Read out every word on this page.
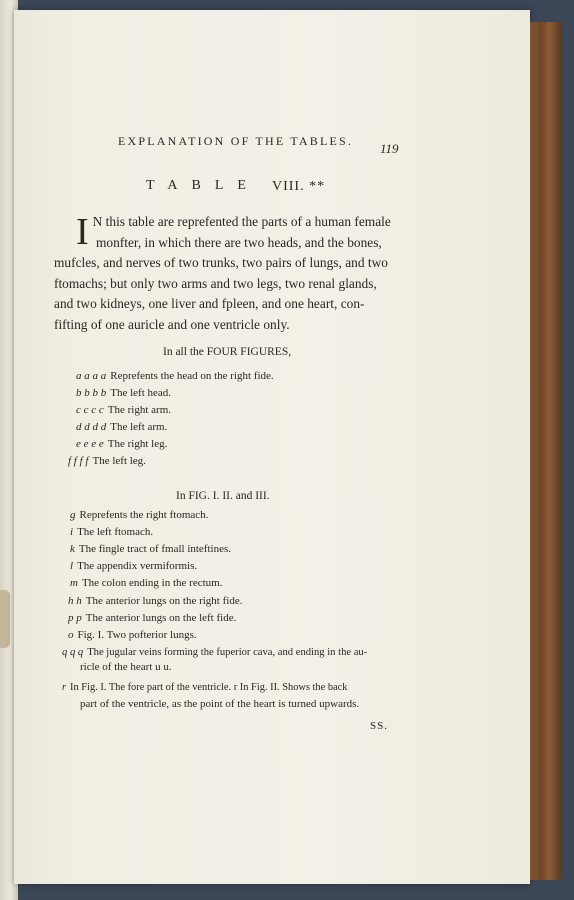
EXPLANATION OF THE TABLES. 119
TABLE VIII. **
I N this table are reprefented the parts of a human female
monfter, in which there are two heads, and the bones,
mufcles, and nerves of two trunks, two pairs of lungs, and two
ftomachs; but only two arms and two legs, two renal glands,
and two kidneys, one liver and fpleen, and one heart, con-
fifting of one auricle and one ventricle only.
In all the FOUR FIGURES,
a a a a Reprefents the head on the right fide.
b b b b The left head.
c c c c The right arm.
d d d d The left arm.
e e e e The right leg.
f f f f The left leg.
In FIG. I. II. and III.
g Reprefents the right ftomach.
i The left ftomach.
k The fingle tract of fmall inteftines.
l The appendix vermiformis.
m The colon ending in the rectum.
h h The anterior lungs on the right fide.
p p The anterior lungs on the left fide.
o Fig. I. Two pofterior lungs.
q q q The jugular veins forming the fuperior cava, and ending in the au-
ricle of the heart u u.
r In Fig. I. The fore part of the ventricle. r In Fig. II. Shows the back
part of the ventricle, as the point of the heart is turned upwards.
SS.
